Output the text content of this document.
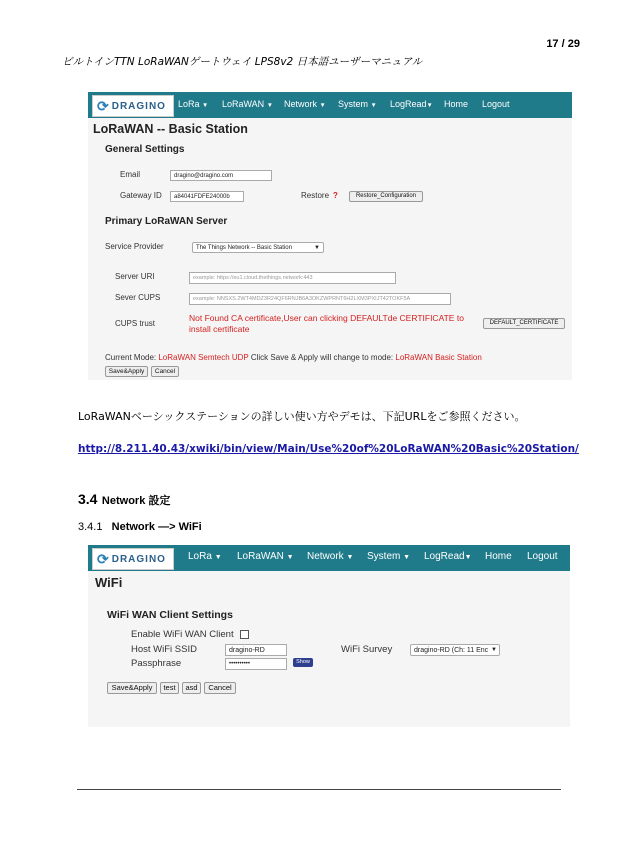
17 / 29
ビルトインTTN LoRaWANゲートウェイ LPS8v2 日本語ユーザーマニュアル
⟳ DRAGINO LoRa ▼ LoRaWAN ▼ Network ▼ System ▼ LogRead▼ Home Logout
LoRaWAN -- Basic Station
General Settings
Email	dragino@dragino.com
Gateway ID	a84041FDFE24000b	Restore ?	Restore_Configuration
Primary LoRaWAN Server
Service Provider	The Things Network -- Basic Station	▼
Server URI	example: https://eu1.cloud.thethings.network:443
Sever CUPS	example: NNSXS.2WT4MDZ3R24QF6RNJB6A3OKZWPRNT6H2LXM3PXIJT42TOKF5A
CUPS trust
Not Found CA certificate,User can clicking DEFAULTde CERTIFICATE to
install certificate
DEFAULT_CERTIFICATE
Current Mode: LoRaWAN Semtech UDP Click Save & Apply will change to mode: LoRaWAN Basic Station
Save&Apply	Cancel
LoRaWANベーシックステーションの詳しい使い方やデモは、下記URLをご参照ください。
http://8.211.40.43/xwiki/bin/view/Main/Use%20of%20LoRaWAN%20Basic%20Station/
3.4 Network 設定
3.4.1 Network —> WiFi
⟳ DRAGINO LoRa ▼ LoRaWAN ▼ Network ▼ System ▼ LogRead▼ Home Logout
WiFi
WiFi WAN Client Settings
Enable WiFi WAN Client
Host WiFi SSID	dragino-RD	WiFi Survey	dragino-RD (Ch: 11 Enc ▼
Passphrase	••••••••••	Show
Save&Apply	test	asd	Cancel
